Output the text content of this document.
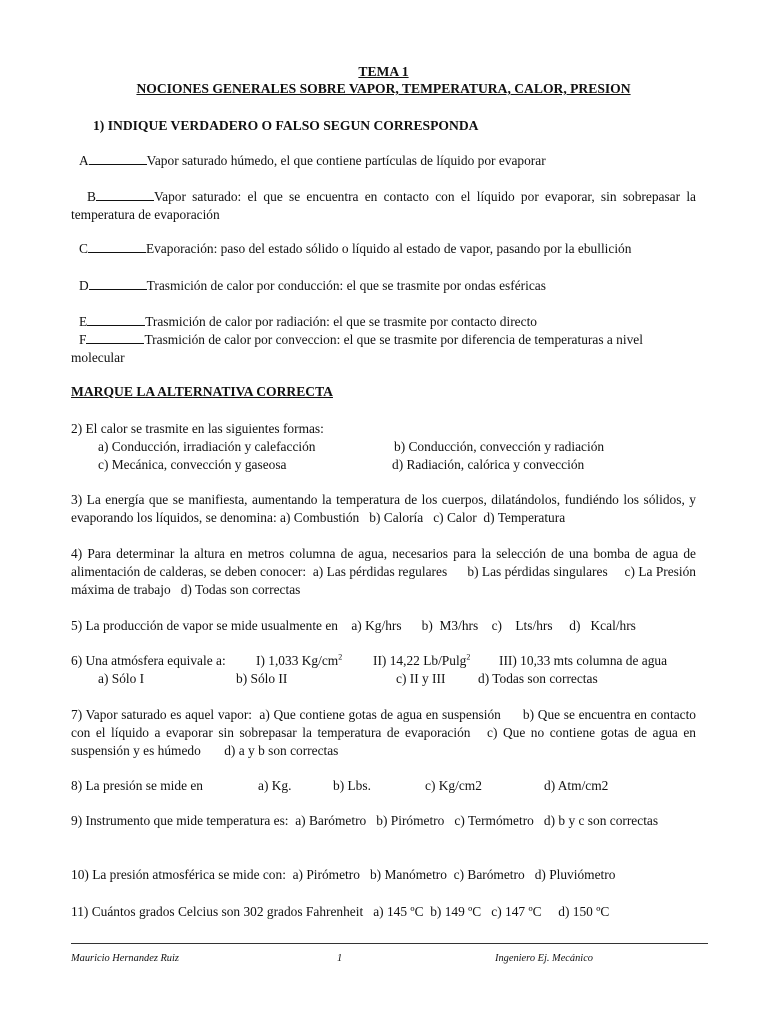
TEMA 1
NOCIONES GENERALES SOBRE VAPOR, TEMPERATURA, CALOR, PRESION
1) INDIQUE VERDADERO O FALSO SEGUN CORRESPONDA
A	Vapor saturado húmedo, el que contiene partículas de líquido por evaporar
B	Vapor saturado: el que se encuentra en contacto con el líquido por evaporar, sin sobrepasar la temperatura de evaporación
C	Evaporación: paso del estado sólido o líquido al estado de vapor, pasando por la ebullición
D	Trasmición de calor por conducción: el que se trasmite por ondas esféricas
E	Trasmición de calor por radiación: el que se trasmite por contacto directo
F	Trasmición de calor por conveccion: el que se trasmite por diferencia de temperaturas a nivel molecular
MARQUE LA ALTERNATIVA CORRECTA
2) El calor se trasmite en las siguientes formas:
a) Conducción, irradiación y calefacción	b) Conducción, convección y radiación
c) Mecánica, convección y gaseosa	d) Radiación, calórica y convección
3) La energía que se manifiesta, aumentando la temperatura de los cuerpos, dilatándolos, fundiéndo los sólidos, y evaporando los líquidos, se denomina: a) Combustión   b) Caloría   c) Calor  d) Temperatura
4) Para determinar la altura en metros columna de agua, necesarios para la selección de una bomba de agua de alimentación de calderas, se deben conocer:  a) Las pérdidas regulares      b) Las pérdidas singulares     c) La Presión máxima de trabajo   d) Todas son correctas
5) La producción de vapor se mide usualmente en    a) Kg/hrs      b)  M3/hrs    c)    Lts/hrs     d)   Kcal/hrs
6) Una atmósfera equivale a: I) 1,033 $Kg/cm^2$ II) 14,22 Lb/Pulg$^2$ III) 10,33 mts columna de agua
a) Sólo I	b) Sólo II	c) II y III d) Todas son correctas
7) Vapor saturado es aquel vapor:  a) Que contiene gotas de agua en suspensión      b) Que se encuentra en contacto con el líquido a evaporar sin sobrepasar la temperatura de evaporación   c) Que no contiene gotas de agua en suspensión y es húmedo       d) a y b son correctas
8) La presión se mide en	a) Kg.	b) Lbs.	c) Kg/cm2	d) Atm/cm2
9) Instrumento que mide temperatura es:  a) Barómetro   b) Pirómetro   c) Termómetro   d) b y c son correctas
10) La presión atmosférica se mide con:  a) Pirómetro   b) Manómetro  c) Barómetro   d) Pluviómetro
11) Cuántos grados Celcius son 302 grados Fahrenheit   a) 145 ºC  b) 149 ºC   c) 147 ºC     d) 150 ºC
Mauricio Hernandez Ruiz	1	Ingeniero Ej. Mecánico
